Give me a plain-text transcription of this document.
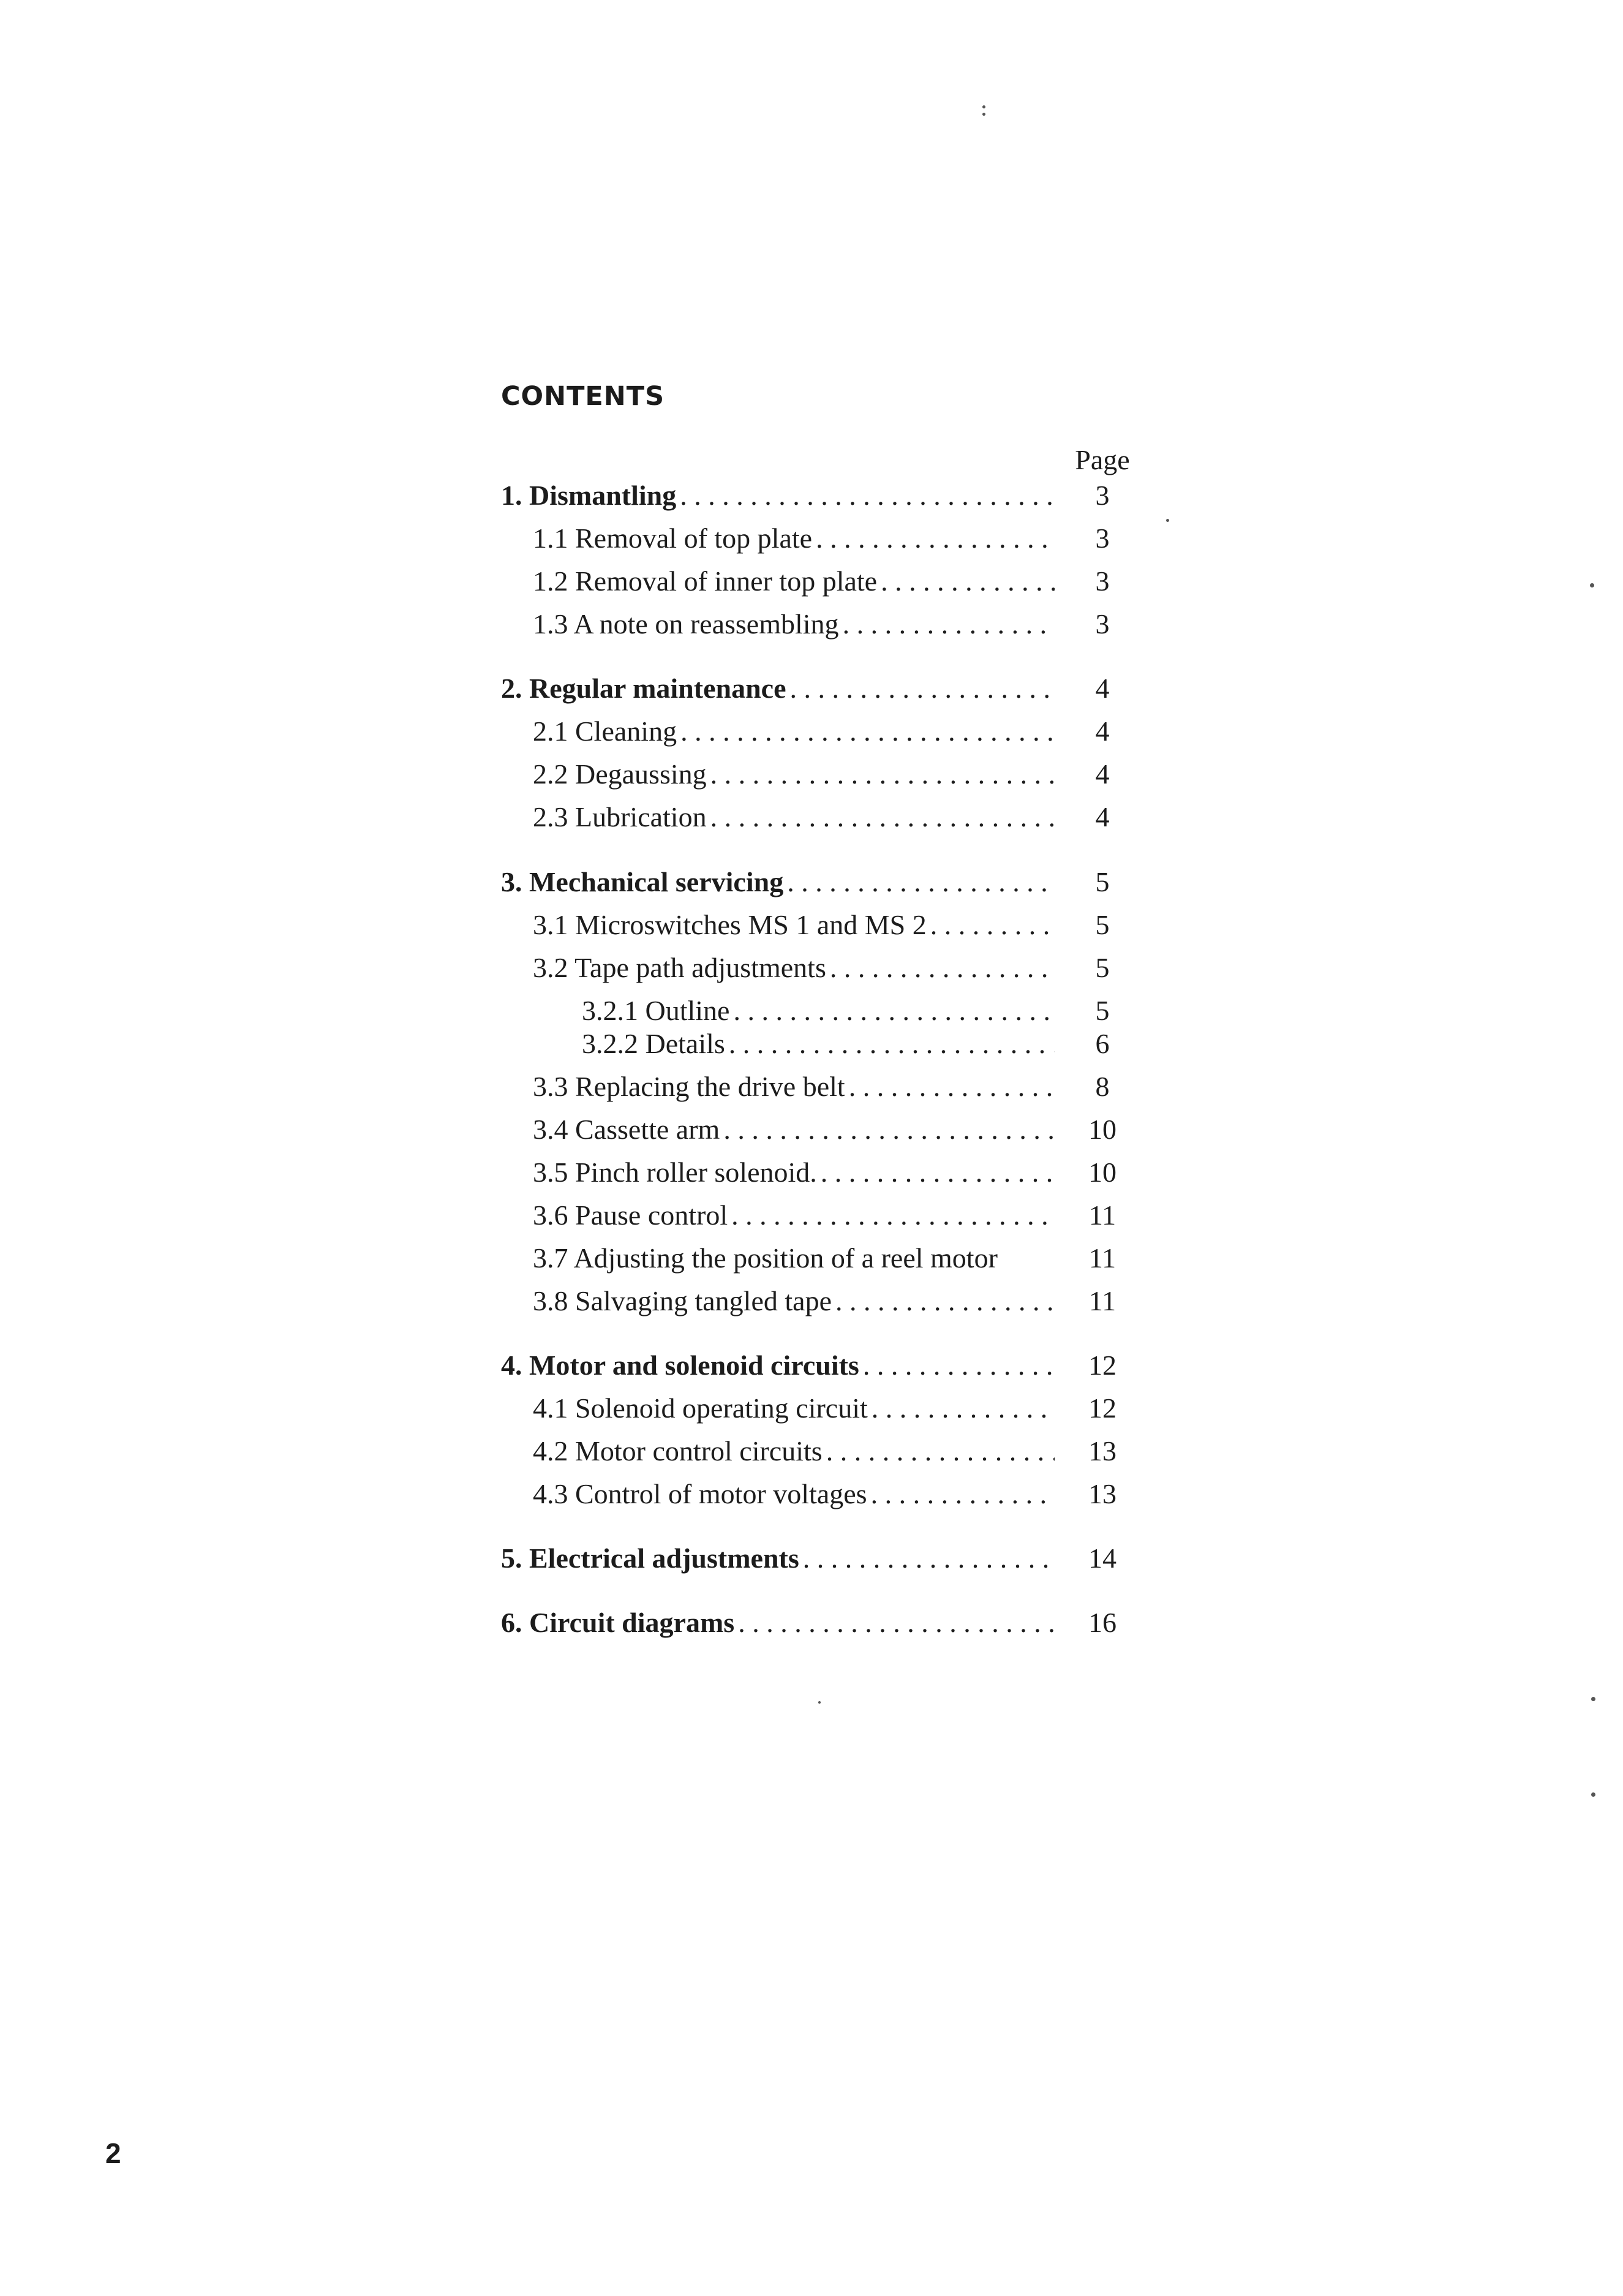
CONTENTS
Page
1. Dismantling . . .	3
1.1 Removal of top plate . . .	3
1.2 Removal of inner top plate . . .	3
1.3 A note on reassembling . . .	3
2. Regular maintenance . . .	4
2.1 Cleaning . . .	4
2.2 Degaussing . . .	4
2.3 Lubrication . . .	4
3. Mechanical servicing . . .	5
3.1 Microswitches MS 1 and MS 2 . . .	5
3.2 Tape path adjustments . . .	5
3.2.1 Outline . . .	5
3.2.2 Details . . .	6
3.3 Replacing the drive belt . . .	8
3.4 Cassette arm . . .	10
3.5 Pinch roller solenoid. . . .	10
3.6 Pause control . . .	11
3.7 Adjusting the position of a reel motor	11
3.8 Salvaging tangled tape . . .	11
4. Motor and solenoid circuits . . .	12
4.1 Solenoid operating circuit . . .	12
4.2 Motor control circuits . . .	13
4.3 Control of motor voltages . . .	13
5. Electrical adjustments . . .	14
6. Circuit diagrams . . .	16

2
